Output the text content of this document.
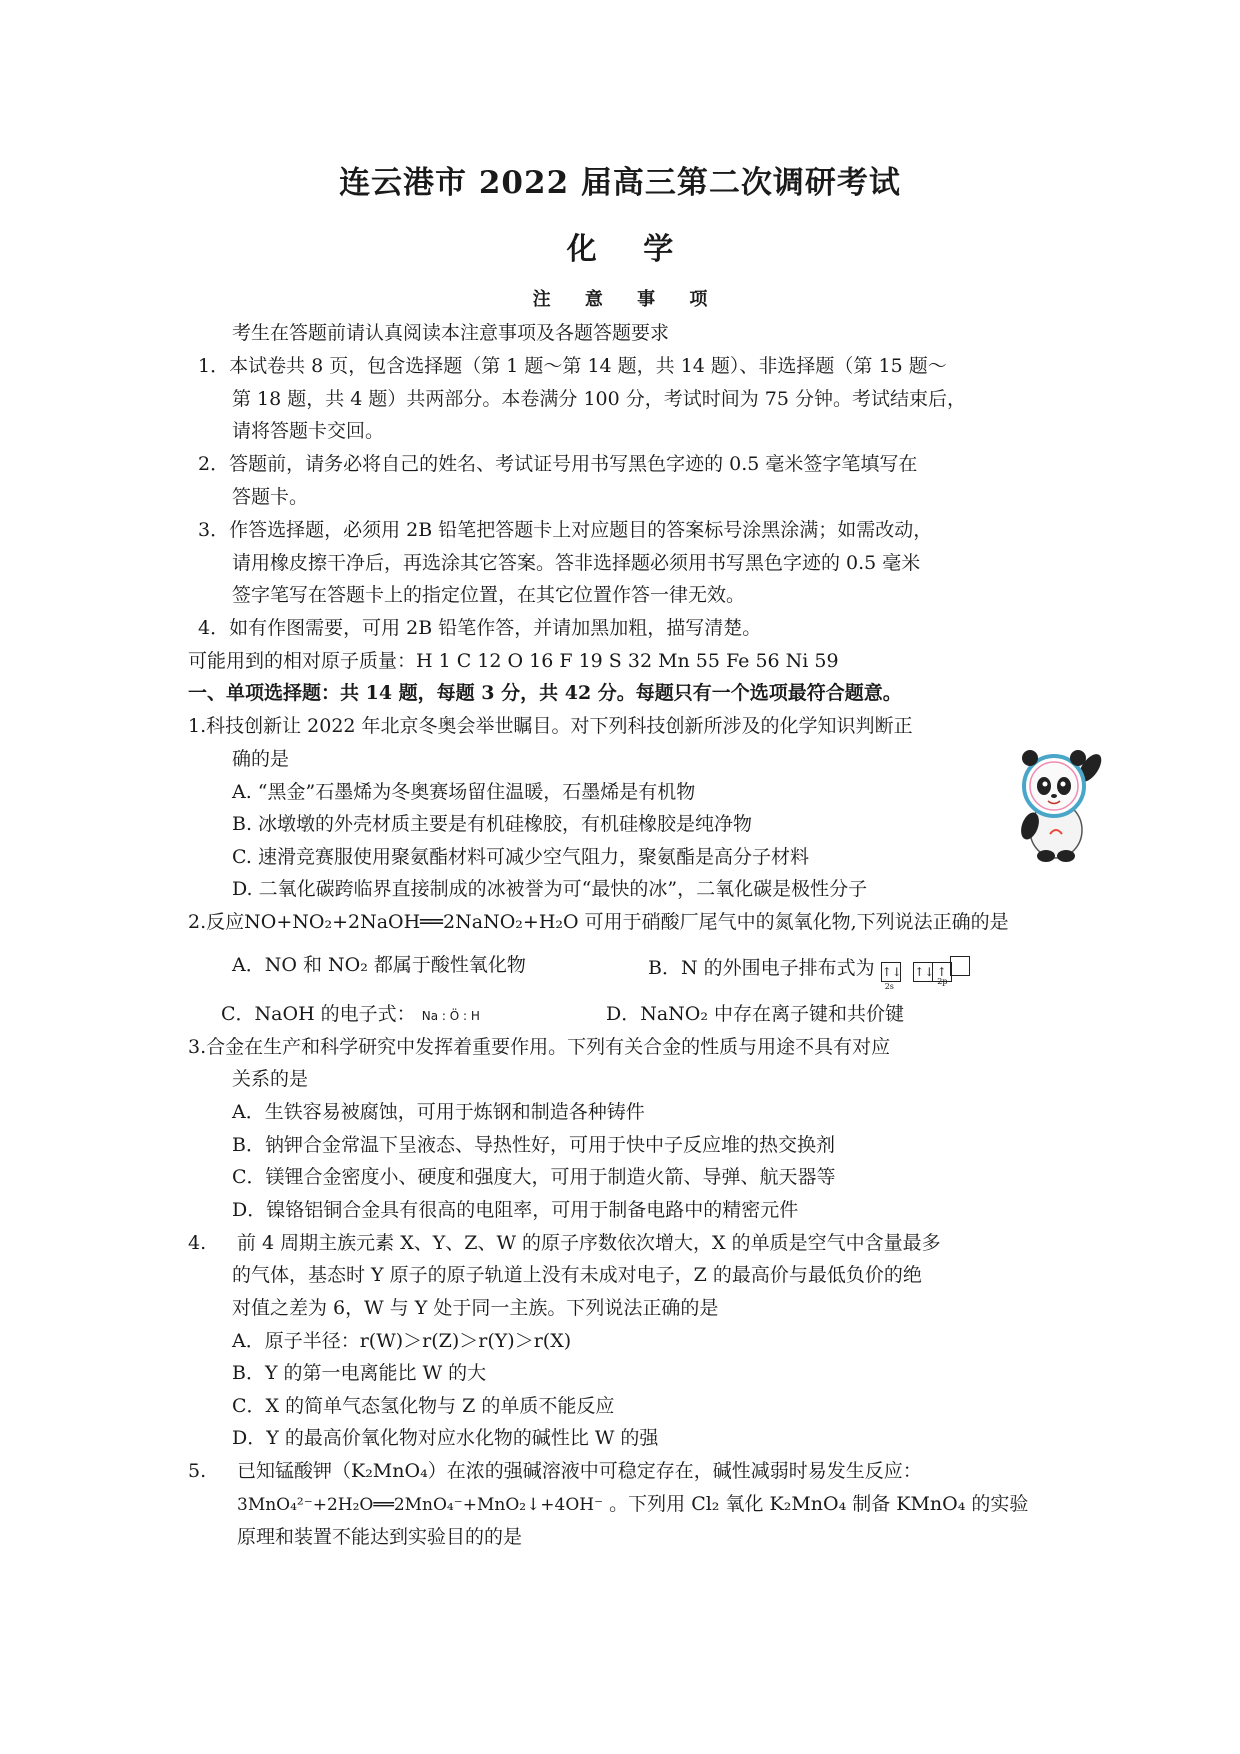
连云港市 2022 届高三第二次调研考试
化 学
注 意 事 项
考生在答题前请认真阅读本注意事项及各题答题要求
1．本试卷共 8 页，包含选择题（第 1 题～第 14 题，共 14 题）、非选择题（第 15 题～
第 18 题，共 4 题）共两部分。本卷满分 100 分，考试时间为 75 分钟。考试结束后，
请将答题卡交回。
2．答题前，请务必将自己的姓名、考试证号用书写黑色字迹的 0.5 毫米签字笔填写在
答题卡。
3．作答选择题，必须用 2B 铅笔把答题卡上对应题目的答案标号涂黑涂满；如需改动，
请用橡皮擦干净后，再选涂其它答案。答非选择题必须用书写黑色字迹的 0.5 毫米
签字笔写在答题卡上的指定位置，在其它位置作答一律无效。
4．如有作图需要，可用 2B 铅笔作答，并请加黑加粗，描写清楚。
可能用到的相对原子质量：H 1 C 12 O 16 F 19 S 32 Mn 55 Fe 56 Ni 59
一、单项选择题：共 14 题，每题 3 分，共 42 分。每题只有一个选项最符合题意。
1.科技创新让 2022 年北京冬奥会举世瞩目。对下列科技创新所涉及的化学知识判断正
确的是
A. “黑金”石墨烯为冬奥赛场留住温暖，石墨烯是有机物
B. 冰墩墩的外壳材质主要是有机硅橡胶，有机硅橡胶是纯净物
C. 速滑竞赛服使用聚氨酯材料可减少空气阻力，聚氨酯是高分子材料
D. 二氧化碳跨临界直接制成的冰被誉为可“最快的冰”，二氧化碳是极性分子
2.反应NO+NO₂+2NaOH══2NaNO₂+H₂O 可用于硝酸厂尾气中的氮氧化物,下列说法正确的是
A．NO 和 NO₂ 都属于酸性氧化物	B．N 的外围电子排布式为 ↑↓
2s
↑↓ ↑
2p
C．NaOH 的电子式： Na : Ö : H	D．NaNO₂ 中存在离子键和共价键
3.合金在生产和科学研究中发挥着重要作用。下列有关合金的性质与用途不具有对应
关系的是
A．生铁容易被腐蚀，可用于炼钢和制造各种铸件
B．钠钾合金常温下呈液态、导热性好，可用于快中子反应堆的热交换剂
C．镁锂合金密度小、硬度和强度大，可用于制造火箭、导弹、航天器等
D．镍铬铝铜合金具有很高的电阻率，可用于制备电路中的精密元件
4. 前 4 周期主族元素 X、Y、Z、W 的原子序数依次增大，X 的单质是空气中含量最多
的气体，基态时 Y 原子的原子轨道上没有未成对电子，Z 的最高价与最低负价的绝
对值之差为 6，W 与 Y 处于同一主族。下列说法正确的是
A．原子半径：r(W)＞r(Z)＞r(Y)＞r(X)
B．Y 的第一电离能比 W 的大
C．X 的简单气态氢化物与 Z 的单质不能反应
D．Y 的最高价氧化物对应水化物的碱性比 W 的强
5. 已知锰酸钾（K₂MnO₄）在浓的强碱溶液中可稳定存在，碱性减弱时易发生反应：
3MnO₄²⁻+2H₂O══2MnO₄⁻+MnO₂↓+4OH⁻ 。下列用 Cl₂ 氧化 K₂MnO₄ 制备 KMnO₄ 的实验
原理和装置不能达到实验目的的是
